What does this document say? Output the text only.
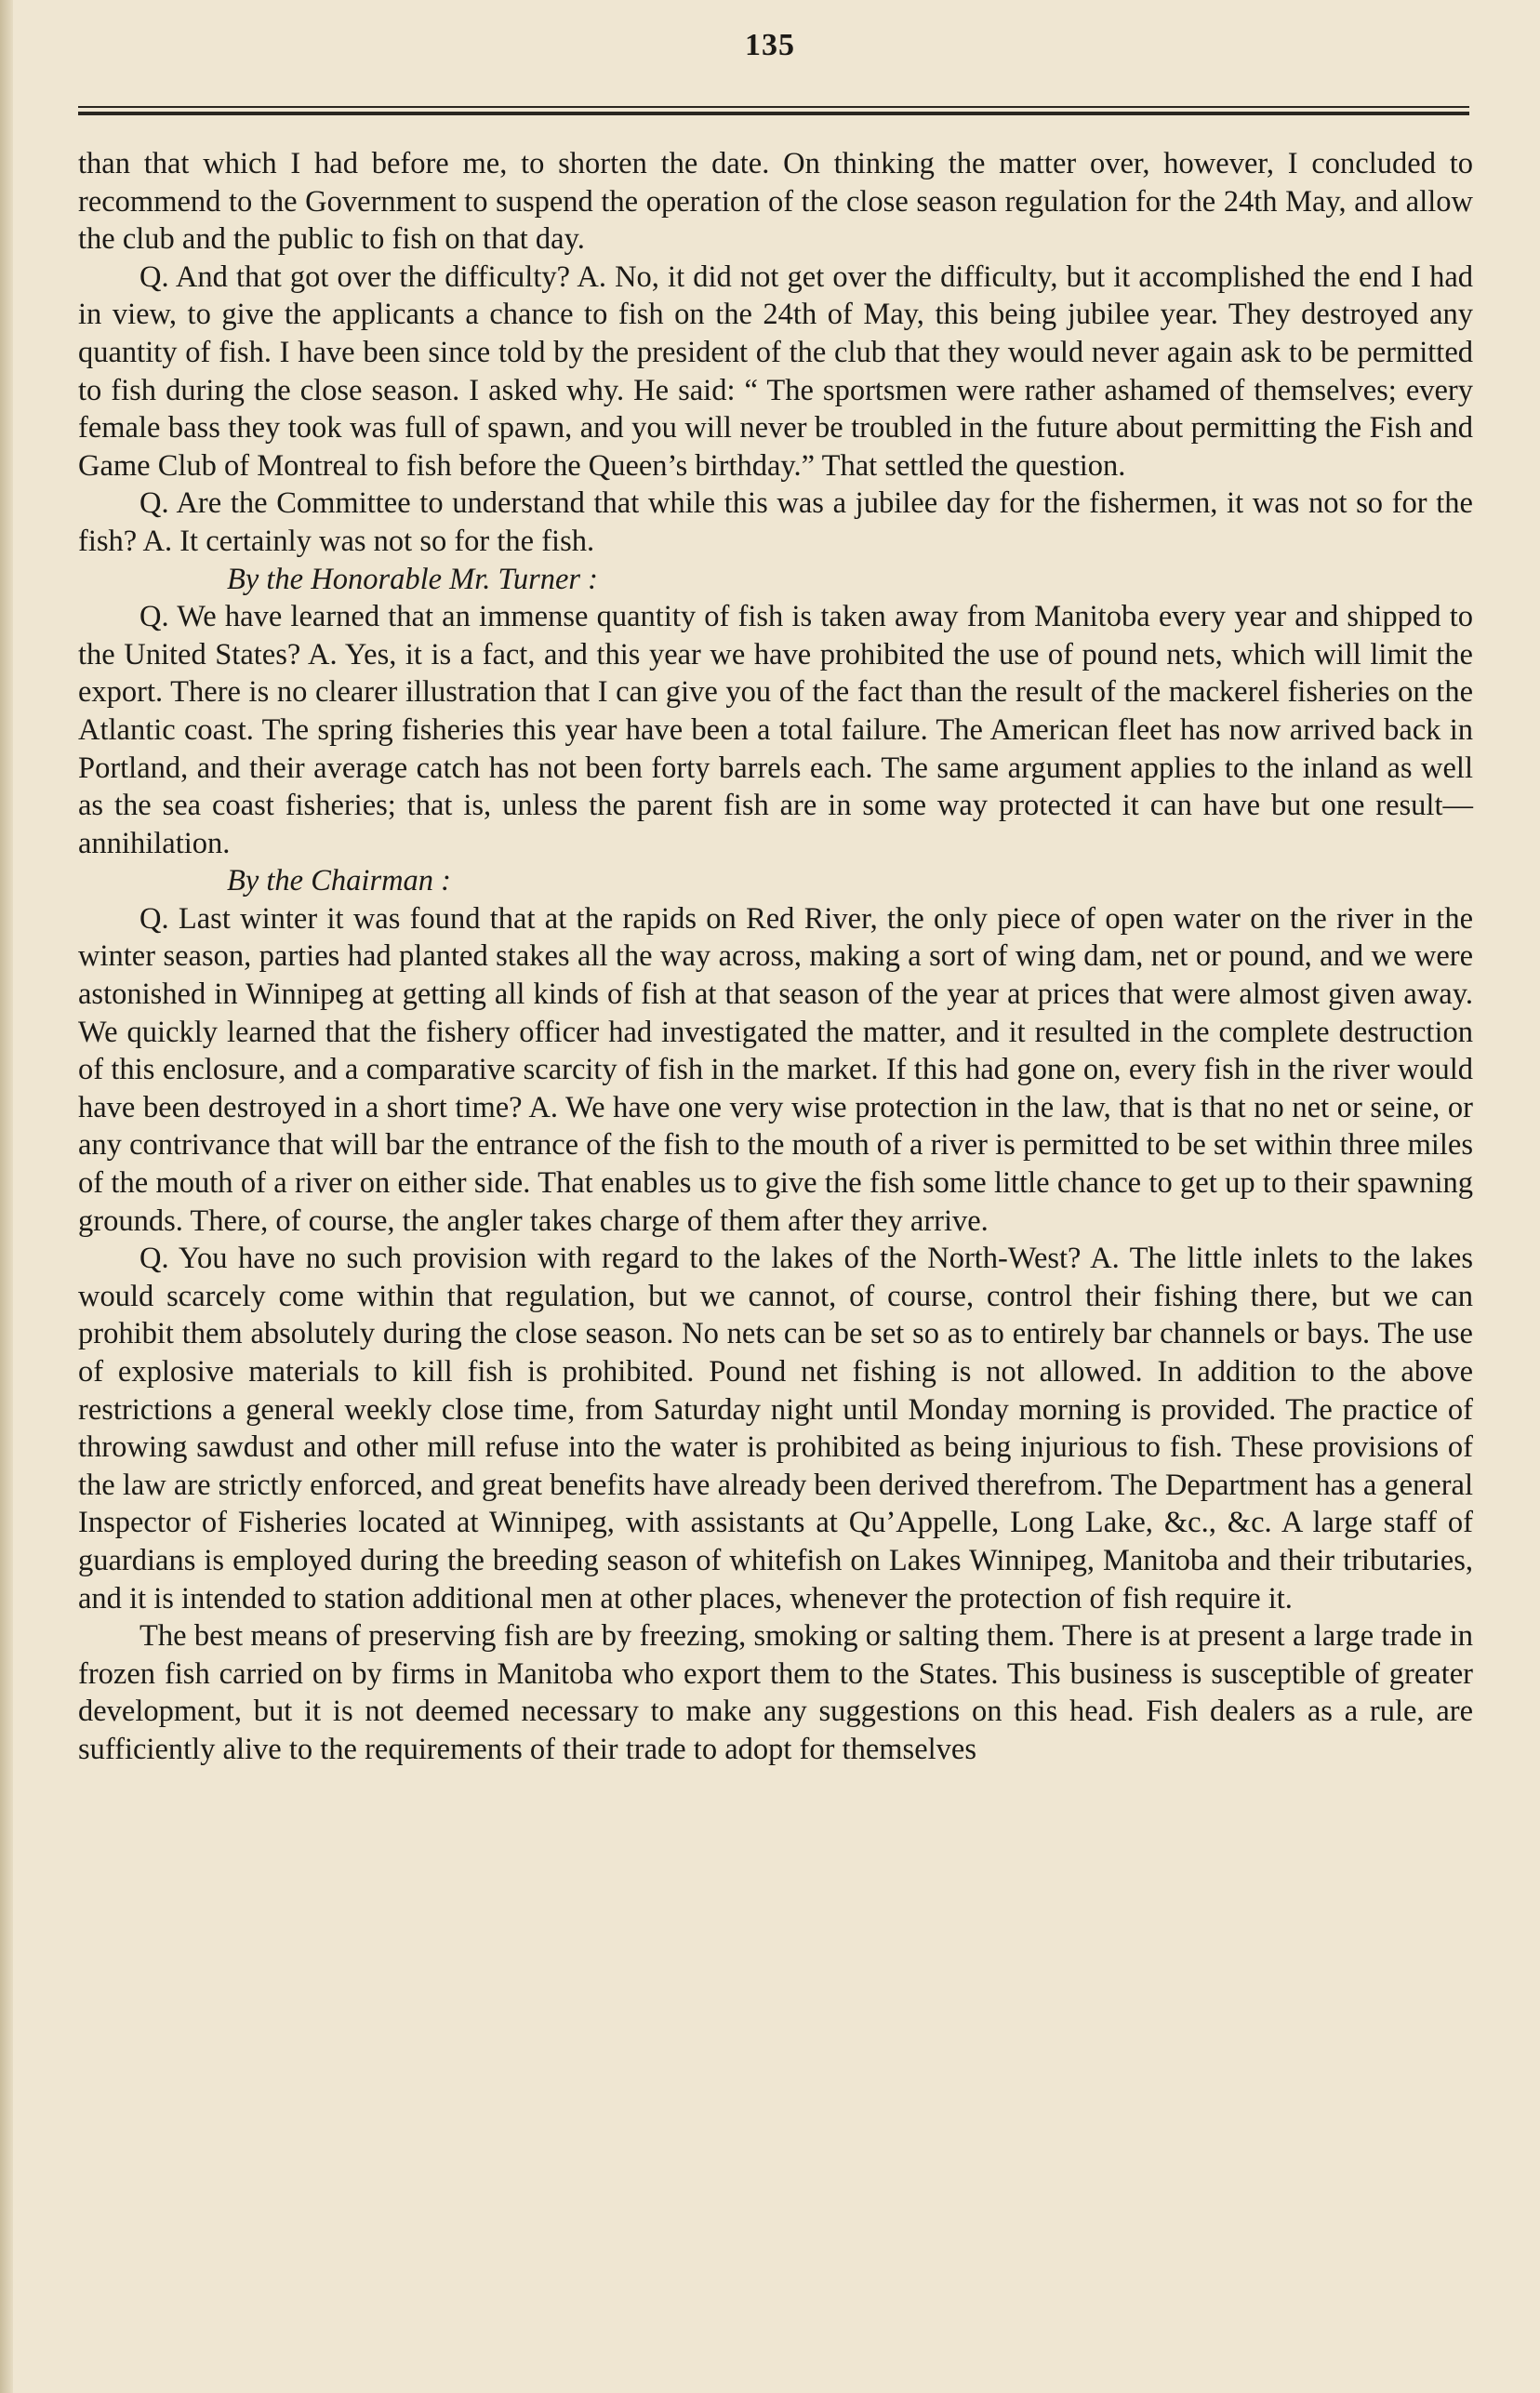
135

than that which I had before me, to shorten the date. On thinking the matter over, however, I concluded to recommend to the Government to suspend the operation of the close season regulation for the 24th May, and allow the club and the public to fish on that day.

Q. And that got over the difficulty? A. No, it did not get over the difficulty, but it accomplished the end I had in view, to give the applicants a chance to fish on the 24th of May, this being jubilee year. They destroyed any quantity of fish. I have been since told by the president of the club that they would never again ask to be permitted to fish during the close season. I asked why. He said: “ The sportsmen were rather ashamed of themselves; every female bass they took was full of spawn, and you will never be troubled in the future about permitting the Fish and Game Club of Montreal to fish before the Queen’s birthday.” That settled the question.

Q. Are the Committee to understand that while this was a jubilee day for the fishermen, it was not so for the fish? A. It certainly was not so for the fish.

By the Honorable Mr. Turner :

Q. We have learned that an immense quantity of fish is taken away from Manitoba every year and shipped to the United States? A. Yes, it is a fact, and this year we have prohibited the use of pound nets, which will limit the export. There is no clearer illustration that I can give you of the fact than the result of the mackerel fisheries on the Atlantic coast. The spring fisheries this year have been a total failure. The American fleet has now arrived back in Portland, and their average catch has not been forty barrels each. The same argument applies to the inland as well as the sea coast fisheries; that is, unless the parent fish are in some way protected it can have but one result—annihilation.

By the Chairman :

Q. Last winter it was found that at the rapids on Red River, the only piece of open water on the river in the winter season, parties had planted stakes all the way across, making a sort of wing dam, net or pound, and we were astonished in Winnipeg at getting all kinds of fish at that season of the year at prices that were almost given away. We quickly learned that the fishery officer had investigated the matter, and it resulted in the complete destruction of this enclosure, and a comparative scarcity of fish in the market. If this had gone on, every fish in the river would have been destroyed in a short time? A. We have one very wise protection in the law, that is that no net or seine, or any contrivance that will bar the entrance of the fish to the mouth of a river is permitted to be set within three miles of the mouth of a river on either side. That enables us to give the fish some little chance to get up to their spawning grounds. There, of course, the angler takes charge of them after they arrive.

Q. You have no such provision with regard to the lakes of the North-West? A. The little inlets to the lakes would scarcely come within that regulation, but we cannot, of course, control their fishing there, but we can prohibit them absolutely during the close season. No nets can be set so as to entirely bar channels or bays. The use of explosive materials to kill fish is prohibited. Pound net fishing is not allowed. In addition to the above restrictions a general weekly close time, from Saturday night until Monday morning is provided. The practice of throwing sawdust and other mill refuse into the water is prohibited as being injurious to fish. These provisions of the law are strictly enforced, and great benefits have already been derived therefrom. The Department has a general Inspector of Fisheries located at Winnipeg, with assistants at Qu’Appelle, Long Lake, &c., &c. A large staff of guardians is employed during the breeding season of whitefish on Lakes Winnipeg, Manitoba and their tributaries, and it is intended to station additional men at other places, whenever the protection of fish require it.

The best means of preserving fish are by freezing, smoking or salting them. There is at present a large trade in frozen fish carried on by firms in Manitoba who export them to the States. This business is susceptible of greater development, but it is not deemed necessary to make any suggestions on this head. Fish dealers as a rule, are sufficiently alive to the requirements of their trade to adopt for themselves
